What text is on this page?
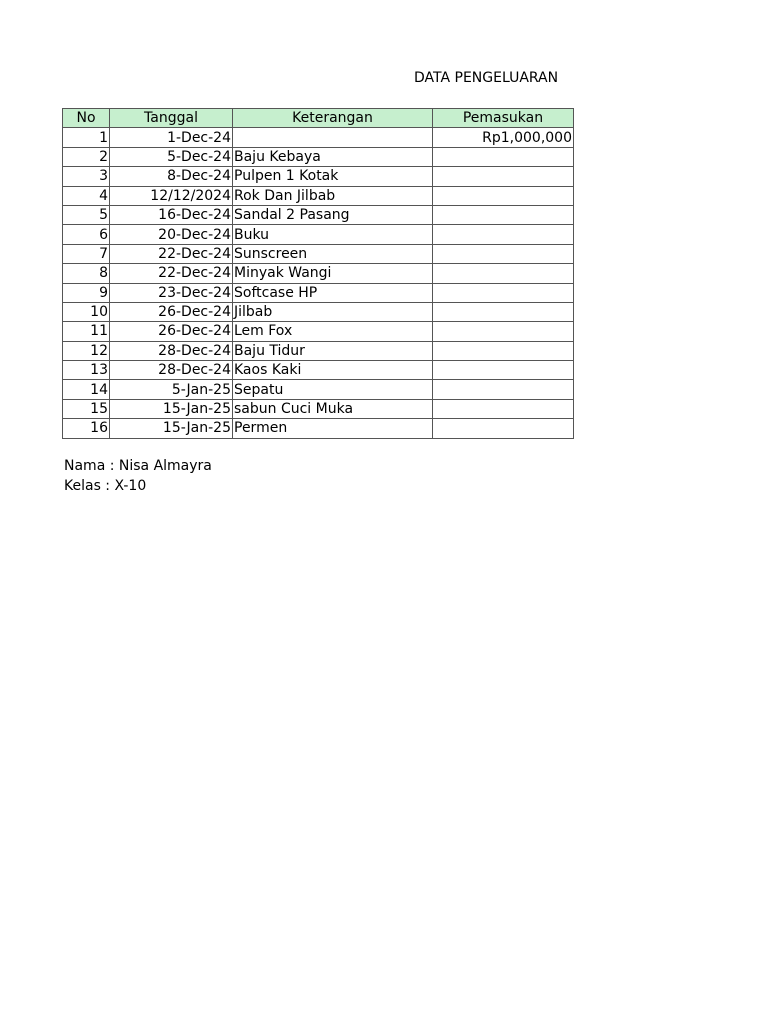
DATA PENGELUARAN
No	Tanggal	Keterangan	Pemasukan
1	1-Dec-24		Rp1,000,000
2	5-Dec-24	Baju Kebaya	
3	8-Dec-24	Pulpen 1 Kotak	
4	12/12/2024	Rok Dan Jilbab	
5	16-Dec-24	Sandal 2 Pasang	
6	20-Dec-24	Buku	
7	22-Dec-24	Sunscreen	
8	22-Dec-24	Minyak Wangi	
9	23-Dec-24	Softcase HP	
10	26-Dec-24	Jilbab	
11	26-Dec-24	Lem Fox	
12	28-Dec-24	Baju Tidur	
13	28-Dec-24	Kaos Kaki	
14	5-Jan-25	Sepatu	
15	15-Jan-25	sabun Cuci Muka	
16	15-Jan-25	Permen	
Nama : Nisa Almayra
Kelas : X-10
